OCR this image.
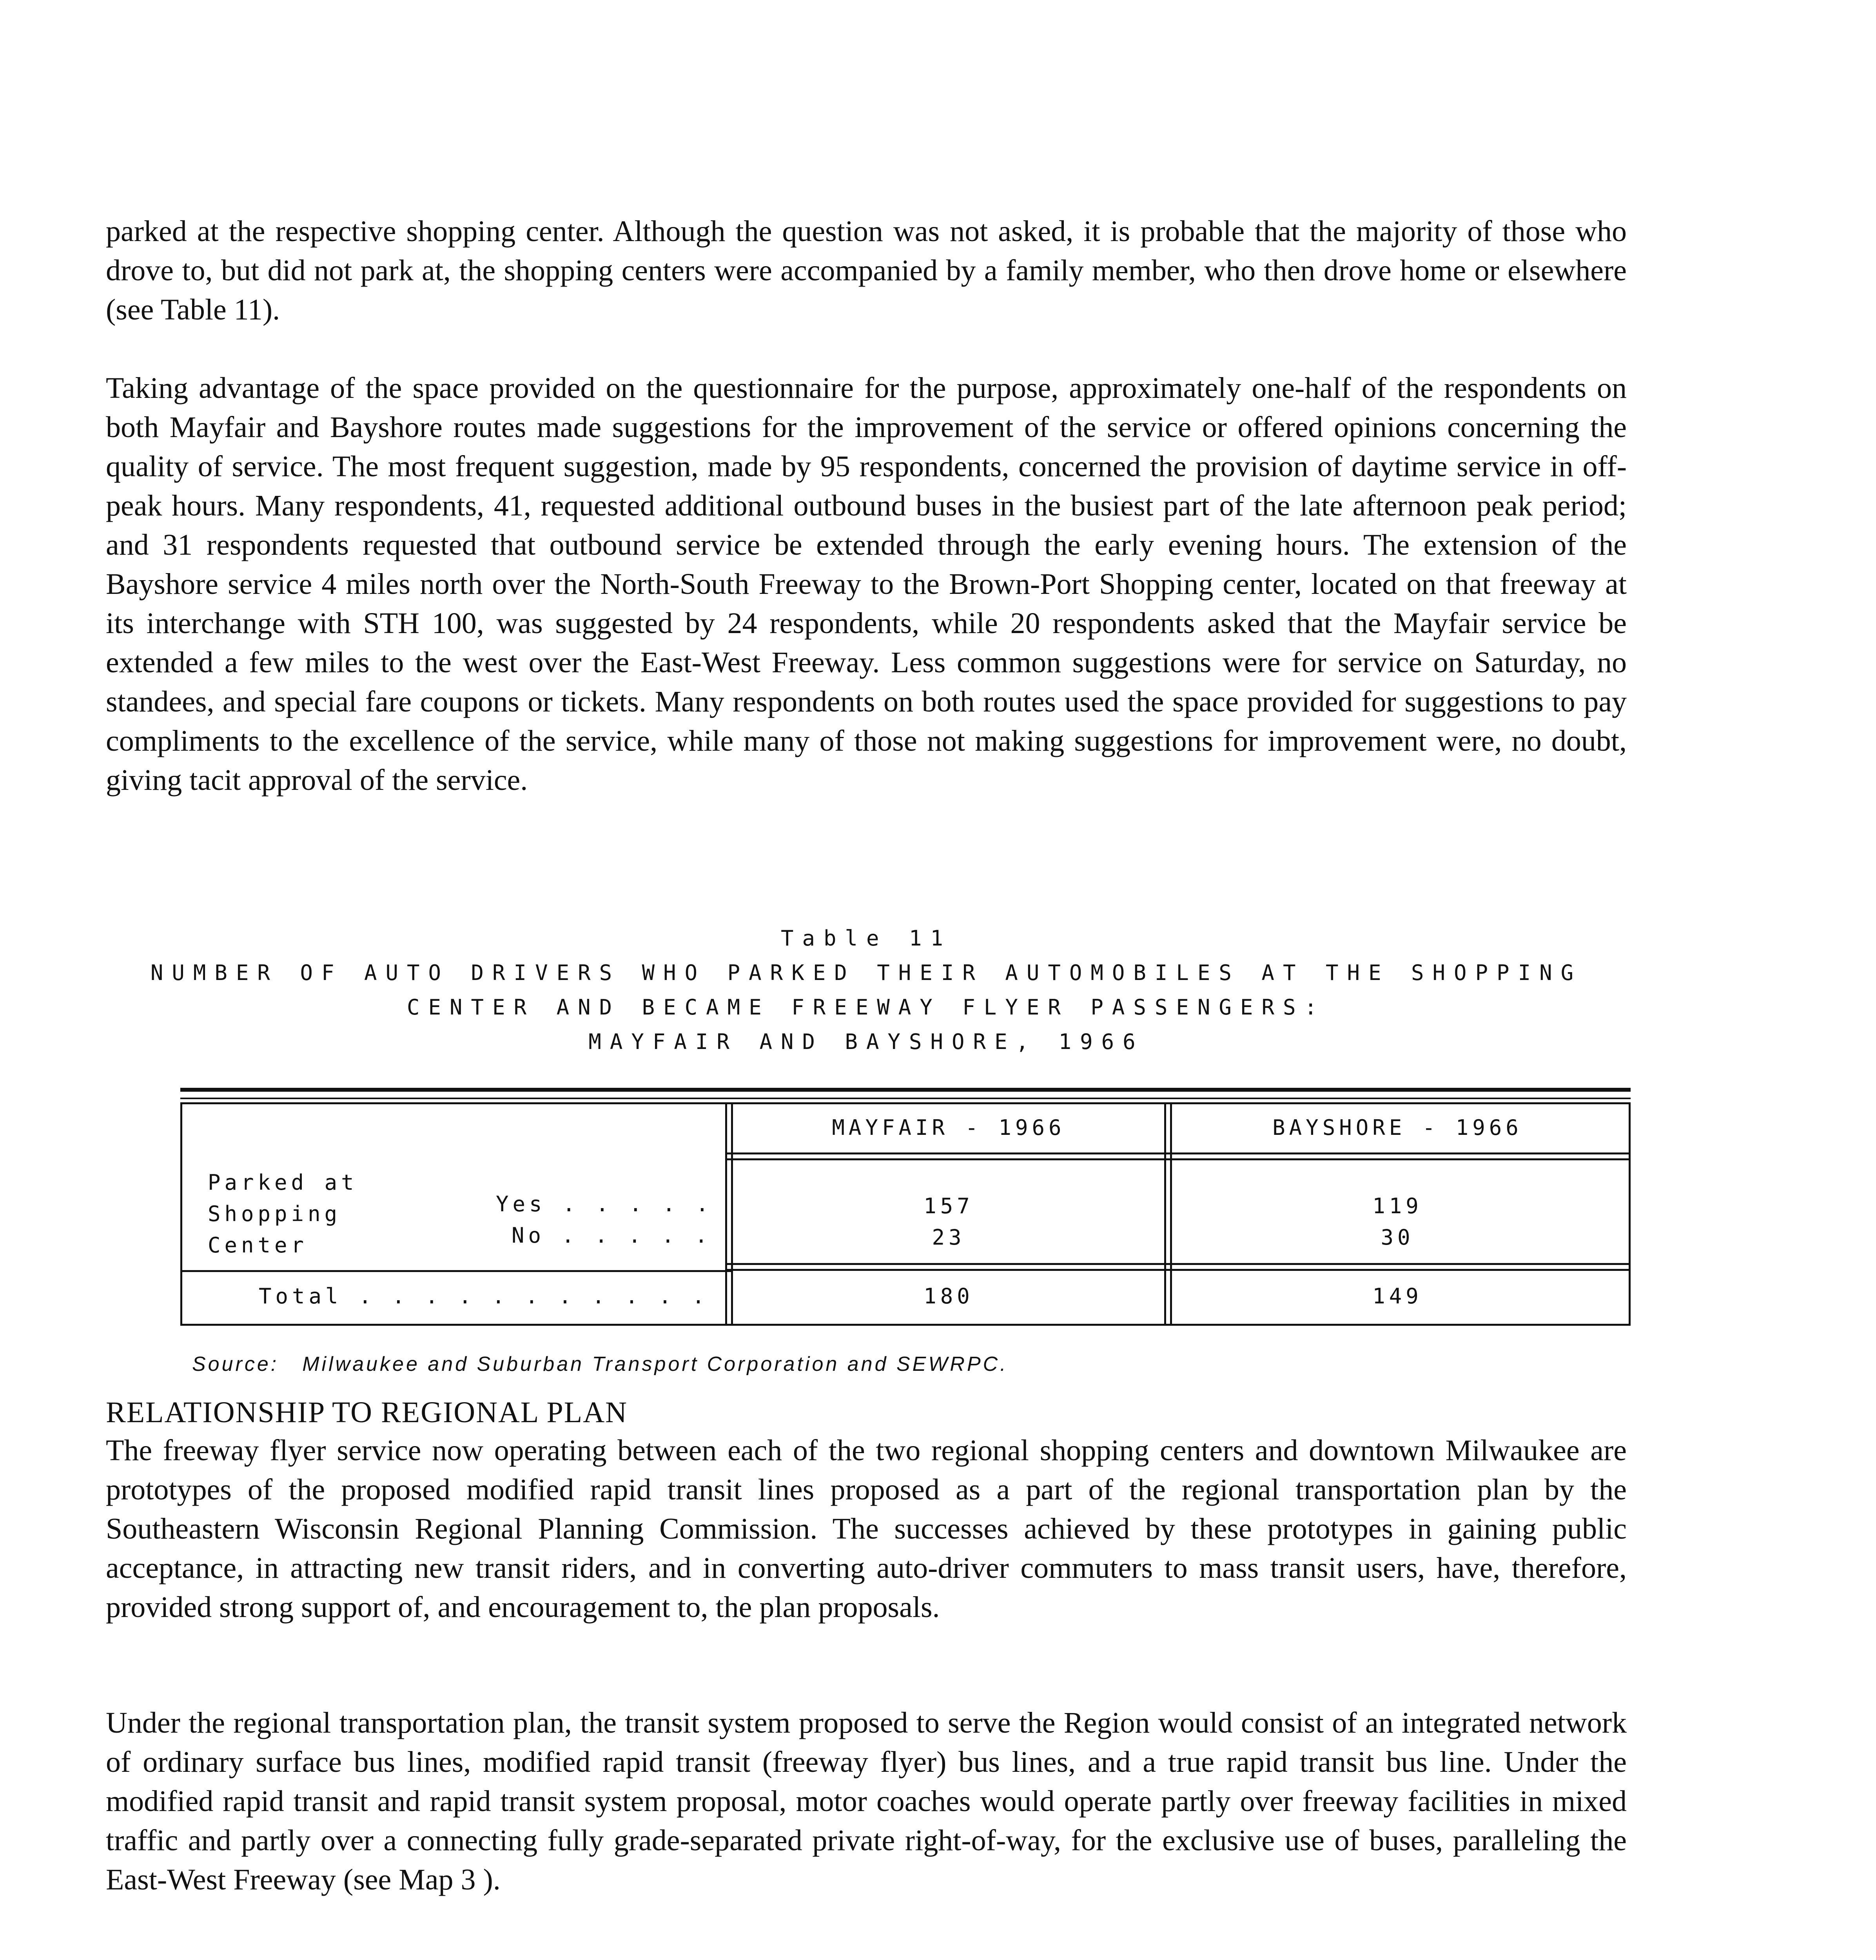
parked at the respective shopping center. Although the question was not asked, it is probable that the majority of those who drove to, but did not park at, the shopping centers were accompanied by a family member, who then drove home or elsewhere (see Table 11).

Taking advantage of the space provided on the questionnaire for the purpose, approximately one-half of the respondents on both Mayfair and Bayshore routes made suggestions for the improvement of the service or offered opinions concerning the quality of service. The most frequent suggestion, made by 95 respondents, concerned the provision of daytime service in off-peak hours. Many respondents, 41, requested additional outbound buses in the busiest part of the late afternoon peak period; and 31 respondents requested that outbound service be extended through the early evening hours. The extension of the Bayshore service 4 miles north over the North-South Freeway to the Brown-Port Shopping center, located on that freeway at its interchange with STH 100, was suggested by 24 respondents, while 20 respondents asked that the Mayfair service be extended a few miles to the west over the East-West Freeway. Less common suggestions were for service on Saturday, no standees, and special fare coupons or tickets. Many respondents on both routes used the space provided for suggestions to pay compliments to the excellence of the service, while many of those not making suggestions for improvement were, no doubt, giving tacit approval of the service.

Table 11

NUMBER OF AUTO DRIVERS WHO PARKED THEIR AUTOMOBILES AT THE SHOPPING

CENTER AND BECAME FREEWAY FLYER PASSENGERS:

MAYFAIR AND BAYSHORE, 1966

MAYFAIR - 1966	BAYSHORE - 1966
Parked at
Shopping
Center
Yes . . . . .
No . . . . .
Total . . . . . . . . . . .
157
23
180
119
30
149
Source: Milwaukee and Suburban Transport Corporation and SEWRPC.

RELATIONSHIP TO REGIONAL PLAN

The freeway flyer service now operating between each of the two regional shopping centers and downtown Milwaukee are prototypes of the proposed modified rapid transit lines proposed as a part of the regional transportation plan by the Southeastern Wisconsin Regional Planning Commission. The successes achieved by these prototypes in gaining public acceptance, in attracting new transit riders, and in converting auto-driver commuters to mass transit users, have, therefore, provided strong support of, and encouragement to, the plan proposals.

Under the regional transportation plan, the transit system proposed to serve the Region would consist of an integrated network of ordinary surface bus lines, modified rapid transit (freeway flyer) bus lines, and a true rapid transit bus line. Under the modified rapid transit and rapid transit system proposal, motor coaches would operate partly over freeway facilities in mixed traffic and partly over a connecting fully grade-separated private right-of-way, for the exclusive use of buses, paralleling the East-West Freeway (see Map 3 ).
